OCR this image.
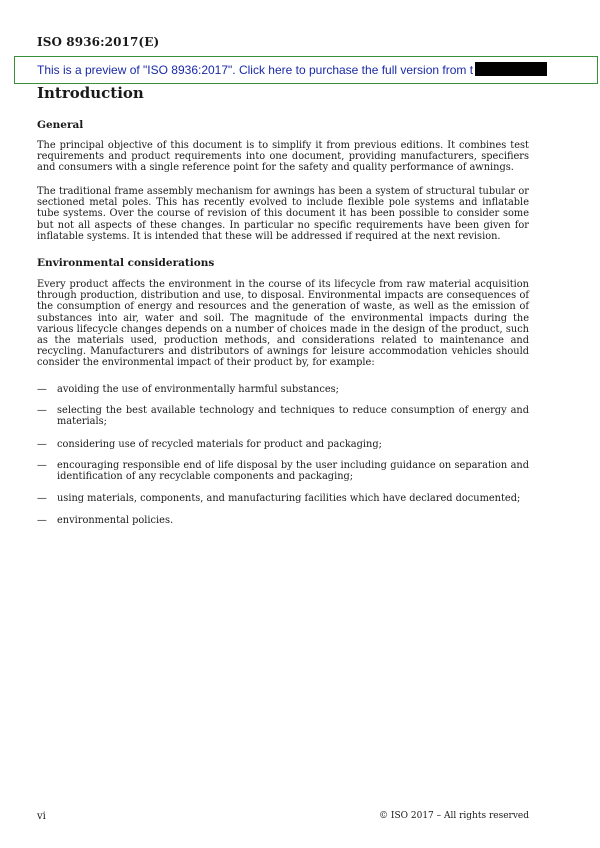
ISO 8936:2017(E)
This is a preview of "ISO 8936:2017". Click here to purchase the full version from t
Introduction
General

The principal objective of this document is to simplify it from previous editions. It combines test requirements and product requirements into one document, providing manufacturers, specifiers and consumers with a single reference point for the safety and quality performance of awnings.

The traditional frame assembly mechanism for awnings has been a system of structural tubular or sectioned metal poles. This has recently evolved to include flexible pole systems and inflatable tube systems. Over the course of revision of this document it has been possible to consider some but not all aspects of these changes. In particular no specific requirements have been given for inflatable systems. It is intended that these will be addressed if required at the next revision.

Environmental considerations

Every product affects the environment in the course of its lifecycle from raw material acquisition through production, distribution and use, to disposal. Environmental impacts are consequences of the consumption of energy and resources and the generation of waste, as well as the emission of substances into air, water and soil. The magnitude of the environmental impacts during the various lifecycle changes depends on a number of choices made in the design of the product, such as the materials used, production methods, and considerations related to maintenance and recycling. Manufacturers and distributors of awnings for leisure accommodation vehicles should consider the environmental impact of their product by, for example:

— avoiding the use of environmentally harmful substances;
— selecting the best available technology and techniques to reduce consumption of energy and materials;
— considering use of recycled materials for product and packaging;
— encouraging responsible end of life disposal by the user including guidance on separation and identification of any recyclable components and packaging;
— using materials, components, and manufacturing facilities which have declared documented;
— environmental policies.
vi	© ISO 2017 – All rights reserved
